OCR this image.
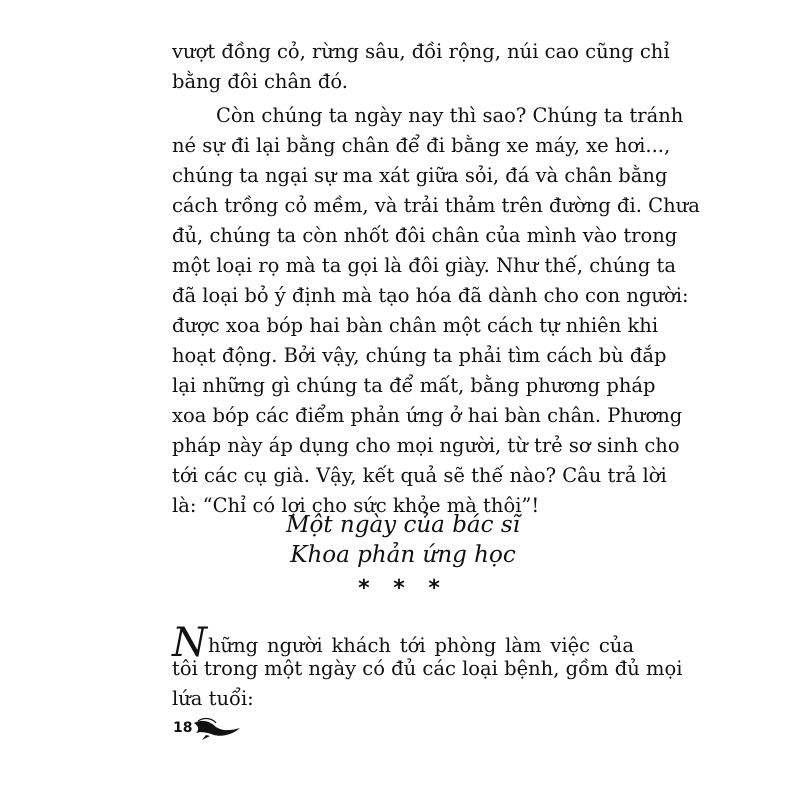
vượt đồng cỏ, rừng sâu, đồi rộng, núi cao cũng chỉ
bằng đôi chân đó.
Còn chúng ta ngày nay thì sao? Chúng ta tránh
né sự đi lại bằng chân để đi bằng xe máy, xe hơi...,
chúng ta ngại sự ma xát giữa sỏi, đá và chân bằng
cách trồng cỏ mềm, và trải thảm trên đường đi. Chưa
đủ, chúng ta còn nhốt đôi chân của mình vào trong
một loại rọ mà ta gọi là đôi giày. Như thế, chúng ta
đã loại bỏ ý định mà tạo hóa đã dành cho con người:
được xoa bóp hai bàn chân một cách tự nhiên khi
hoạt động. Bởi vậy, chúng ta phải tìm cách bù đắp
lại những gì chúng ta để mất, bằng phương pháp
xoa bóp các điểm phản ứng ở hai bàn chân. Phương
pháp này áp dụng cho mọi người, từ trẻ sơ sinh cho
tới các cụ già. Vậy, kết quả sẽ thế nào? Câu trả lời
là: “Chỉ có lợi cho sức khỏe mà thôi”!
Một ngày của bác sĩ
Khoa phản ứng học
* * *
Những người khách tới phòng làm việc của
tôi trong một ngày có đủ các loại bệnh, gồm đủ mọi
lứa tuổi:
18
